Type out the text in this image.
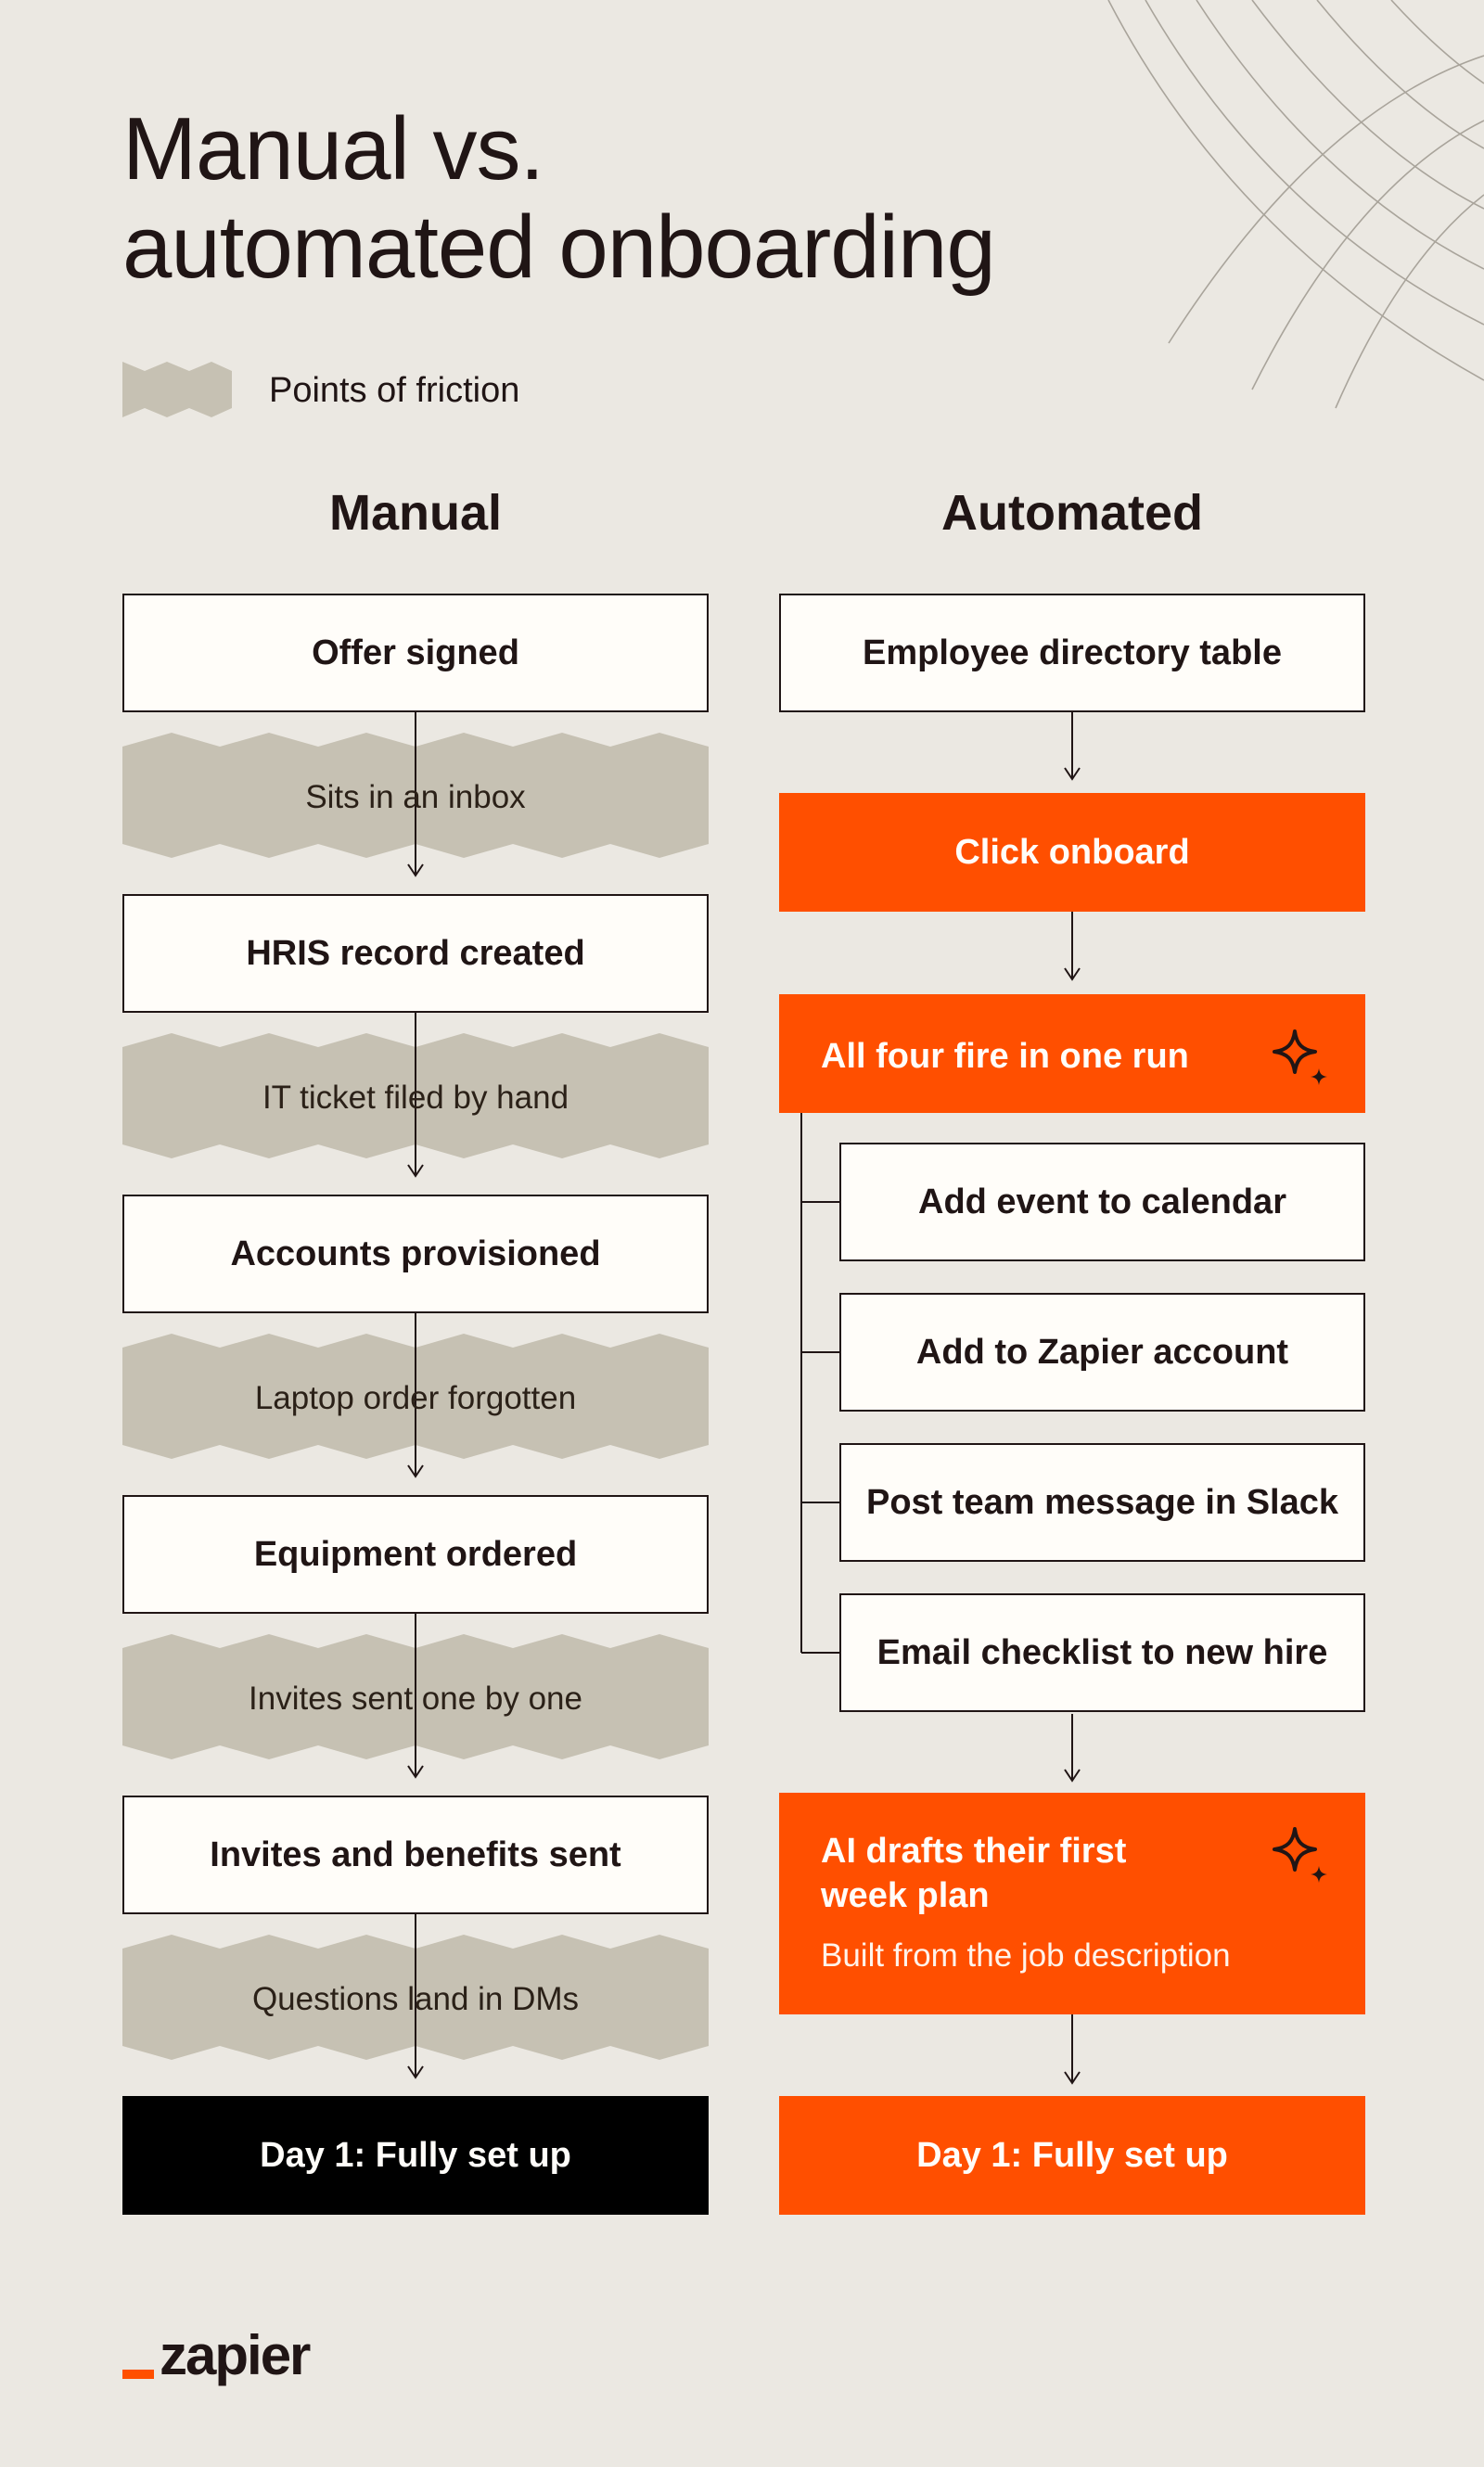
Manual vs.
automated onboarding
Points of friction
Manual	Automated
Offer signed
HRIS record created
Accounts provisioned
Equipment ordered
Invites and benefits sent
Day 1: Fully set up
Sits in an inbox
IT ticket filed by hand
Laptop order forgotten
Invites sent one by one
Questions land in DMs
Employee directory table
Click onboard
All four fire in one run
Add event to calendar
Add to Zapier account
Post team message in Slack
Email checklist to new hire
AI drafts their first week plan
Built from the job description
Day 1: Fully set up
zapier
